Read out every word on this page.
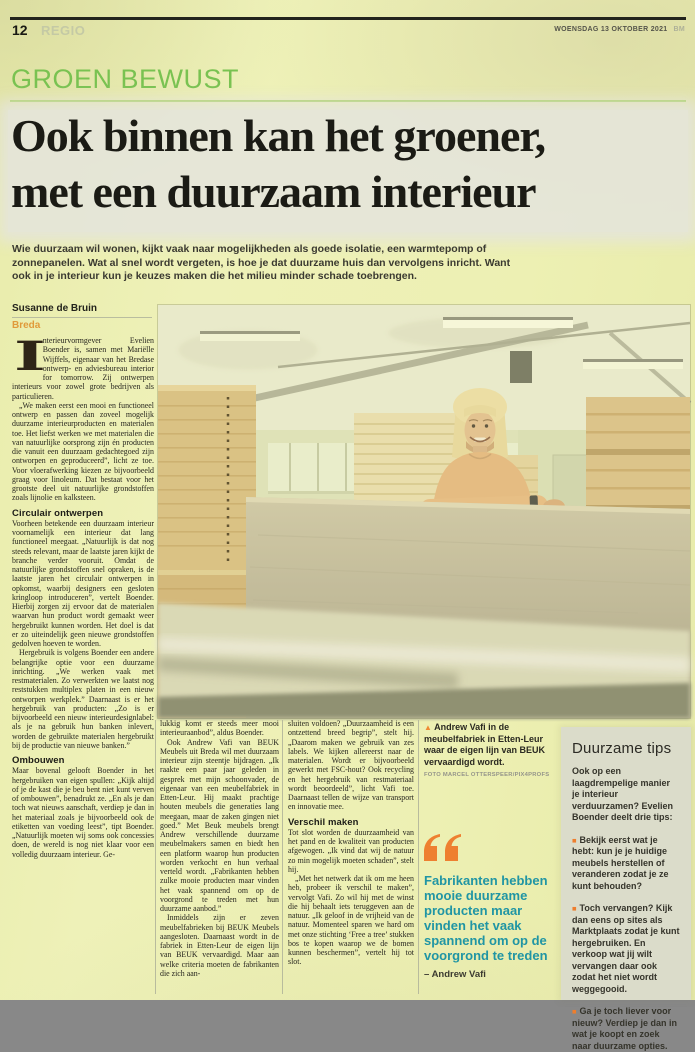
12 REGIO	WOENSDAG 13 OKTOBER 2021 BM
GROEN BEWUST
Ook binnen kan het groener,
met een duurzaam interieur
Wie duurzaam wil wonen, kijkt vaak naar mogelijkheden als goede isolatie, een warmtepomp of zonnepanelen. Wat al snel wordt vergeten, is hoe je dat duurzame huis dan vervolgens inricht. Want ook in je interieur kun je keuzes maken die het milieu minder schade toebrengen.
Susanne de Bruin
Breda

I
nterieurvormgever Evelien Boender is, samen met Mariëlle Wijffels, eigenaar van het Bredase ontwerp- en adviesbureau interior for tomorrow. Zij ontwerpen interieurs voor zowel grote bedrijven als particulieren.

„We maken eerst een mooi en functioneel ontwerp en passen dan zoveel mogelijk duurzame interieurproducten en materialen toe. Het liefst werken we met materialen die van natuurlijke oorsprong zijn én producten die vanuit een duurzaam gedachtegoed zijn ontworpen en geproduceerd”, licht ze toe. Voor vloerafwerking kiezen ze bijvoorbeeld graag voor linoleum. Dat bestaat voor het grootste deel uit natuurlijke grondstoffen zoals lijnolie en kalksteen.

Circulair ontwerpen

Voorheen betekende een duurzaam interieur voornamelijk een interieur dat lang functioneel meegaat. „Natuurlijk is dat nog steeds relevant, maar de laatste jaren kijkt de branche verder vooruit. Omdat de natuurlijke grondstoffen snel opraken, is de laatste jaren het circulair ontwerpen in opkomst, waarbij designers een gesloten kringloop introduceren”, vertelt Boender. Hierbij zorgen zij ervoor dat de materialen waarvan hun product wordt gemaakt weer hergebruikt kunnen worden. Het doel is dat er zo uiteindelijk geen nieuwe grondstoffen gedolven hoeven te worden.

Hergebruik is volgens Boender een andere belangrijke optie voor een duurzame inrichting. „We werken vaak met restmaterialen. Zo verwerkten we laatst nog reststukken multiplex platen in een nieuw ontworpen werkplek.” Daarnaast is er het hergebruik van producten: „Zo is er bijvoorbeeld een nieuw interieurdesignlabel: als je na gebruik hun banken inlevert, worden de gebruikte materialen hergebruikt bij de productie van nieuwe banken.”

Ombouwen

Maar bovenal gelooft Boender in het hergebruiken van eigen spullen: „Kijk altijd of je de kast die je beu bent niet kunt verven of ombouwen”, benadrukt ze. „En als je dan toch wat nieuws aanschaft, verdiep je dan in het materiaal zoals je bijvoorbeeld ook de etiketten van voeding leest”, tipt Boender. „Natuurlijk moeten wij soms ook concessies doen, de wereld is nog niet klaar voor een volledig duurzaam interieur. Ge-

lukkig komt er steeds meer mooi interieuraanbod”, aldus Boender.

Ook Andrew Vafi van BEUK Meubels uit Breda wil met duurzaam interieur zijn steentje bijdragen. „Ik raakte een paar jaar geleden in gesprek met mijn schoonvader, de eigenaar van een meubelfabriek in Etten-Leur. Hij maakt prachtige houten meubels die generaties lang meegaan, maar de zaken gingen niet goed.” Met Beuk meubels brengt Andrew verschillende duurzame meubelmakers samen en biedt hen een platform waarop hun producten worden verkocht en hun verhaal verteld wordt. „Fabrikanten hebben zulke mooie producten maar vinden het vaak spannend om op de voorgrond te treden met hun duurzame aanbod.”

Inmiddels zijn er zeven meubelfabrieken bij BEUK Meubels aangesloten. Daarnaast wordt in de fabriek in Etten-Leur de eigen lijn van BEUK vervaardigd. Maar aan welke criteria moeten de fabrikanten die zich aan-

sluiten voldoen? „Duurzaamheid is een ontzettend breed begrip”, stelt hij. „Daarom maken we gebruik van zes labels. We kijken allereerst naar de materialen. Wordt er bijvoorbeeld gewerkt met FSC-hout? Ook recycling en het hergebruik van restmateriaal wordt beoordeeld”, licht Vafi toe. Daarnaast tellen de wijze van transport en innovatie mee.

Verschil maken

Tot slot worden de duurzaamheid van het pand en de kwaliteit van producten afgewogen. „Ik vind dat wij de natuur zo min mogelijk moeten schaden”, stelt hij.

„Met het netwerk dat ik om me heen heb, probeer ik verschil te maken”, vervolgt Vafi. Zo wil hij met de winst die hij behaalt iets teruggeven aan de natuur. „Ik geloof in de vrijheid van de natuur. Momenteel sparen we hard om met onze stichting ‘Free a tree’ stukken bos te kopen waarop we de bomen kunnen beschermen”, vertelt hij tot slot.

▲ Andrew Vafi in de meubelfabriek in Etten-Leur waar de eigen lijn van BEUK vervaardigd wordt.
FOTO MARCEL OTTERSPEER/PIX4PROFS
Fabrikanten hebben mooie duurzame producten maar vinden het vaak spannend om op de voorgrond te treden
– Andrew Vafi
Duurzame tips

Ook op een laagdrempelige manier je interieur verduurzamen? Evelien Boender deelt drie tips:

■ Bekijk eerst wat je hebt: kun je je huidige meubels herstellen of veranderen zodat je ze kunt behouden?

■ Toch vervangen? Kijk dan eens op sites als Marktplaats zodat je kunt hergebruiken. En verkoop wat jij wilt vervangen daar ook zodat het niet wordt weggegooid.

■ Ga je toch liever voor nieuw? Verdiep je dan in wat je koopt en zoek naar duurzame opties.
